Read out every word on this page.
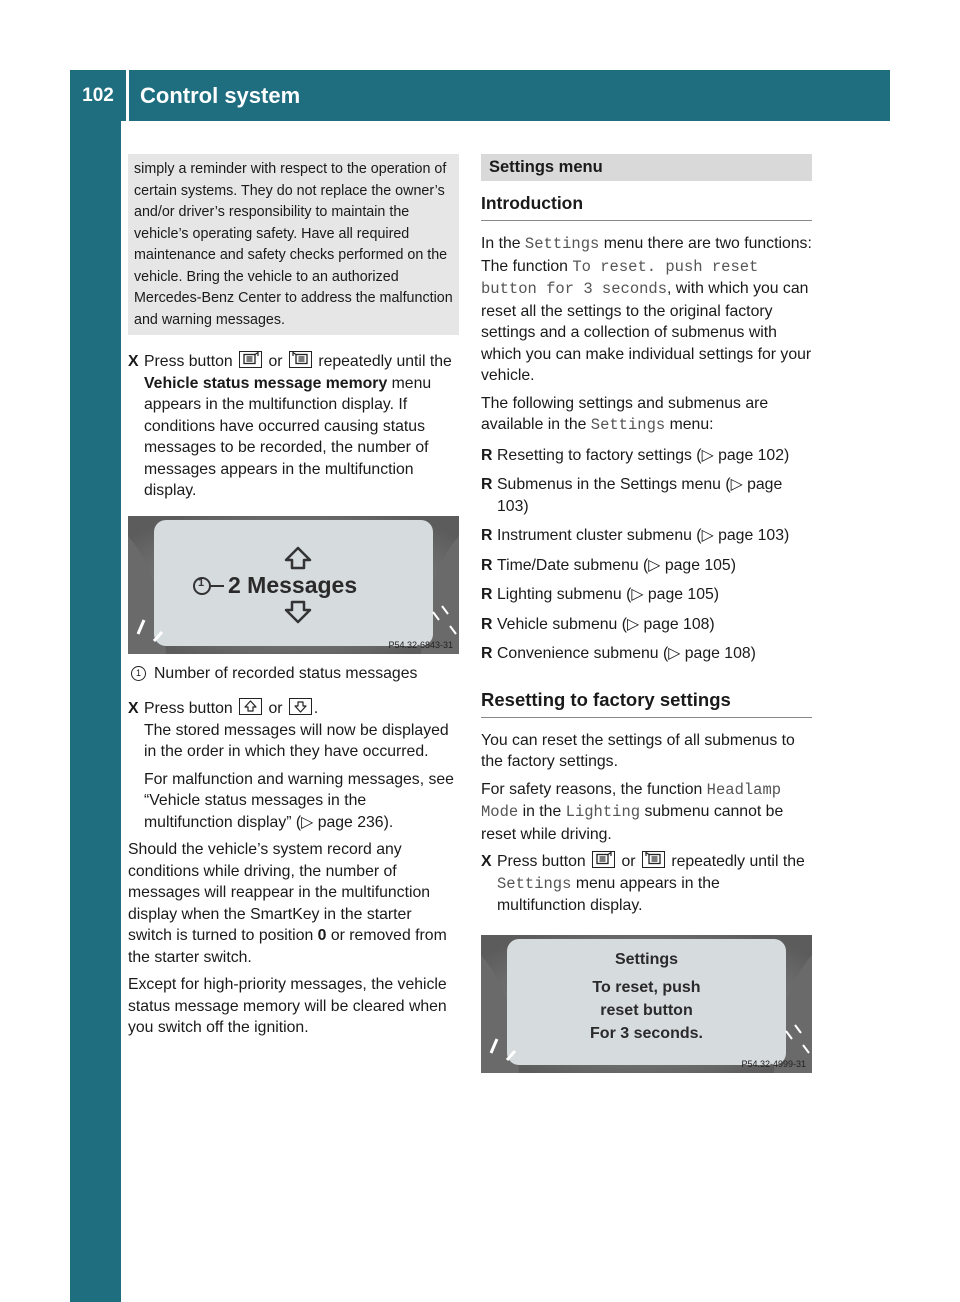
102	Control system
Controls in detail	simply a reminder with respect to the operation of certain systems. They do not replace the owner’s and/or driver’s responsibility to maintain the vehicle’s operating safety. Have all required maintenance and safety checks performed on the vehicle. Bring the vehicle to an authorized Mercedes-Benz Center to address the malfunction and warning messages.
X Press button or repeatedly until the Vehicle status message memory menu appears in the multifunction display. If conditions have occurred causing status messages to be recorded, the number of messages appears in the multifunction display.
1 2 Messages
P54.32-6843-31
1 Number of recorded status messages
X Press button or .

The stored messages will now be displayed in the order in which they have occurred.

For malfunction and warning messages, see “Vehicle status messages in the multifunction display” (▷ page 236).

Should the vehicle’s system record any conditions while driving, the number of messages will reappear in the multifunction display when the SmartKey in the starter switch is turned to position 0 or removed from the starter switch.

Except for high-priority messages, the vehicle status message memory will be cleared when you switch off the ignition.

Settings menu
Introduction

In the Settings menu there are two functions: The function To reset. push reset button for 3 seconds, with which you can reset all the settings to the original factory settings and a collection of submenus with which you can make individual settings for your vehicle.

The following settings and submenus are available in the Settings menu:

R Resetting to factory settings (▷ page 102)
R Submenus in the Settings menu (▷ page 103)
R Instrument cluster submenu (▷ page 103)
R Time/Date submenu (▷ page 105)
R Lighting submenu (▷ page 105)
R Vehicle submenu (▷ page 108)
R Convenience submenu (▷ page 108)
Resetting to factory settings

You can reset the settings of all submenus to the factory settings.

For safety reasons, the function Headlamp Mode in the Lighting submenu cannot be reset while driving.

X Press button or repeatedly until the Settings menu appears in the multifunction display.
Settings
To reset, push
reset button
For 3 seconds.
P54.32-4999-31
